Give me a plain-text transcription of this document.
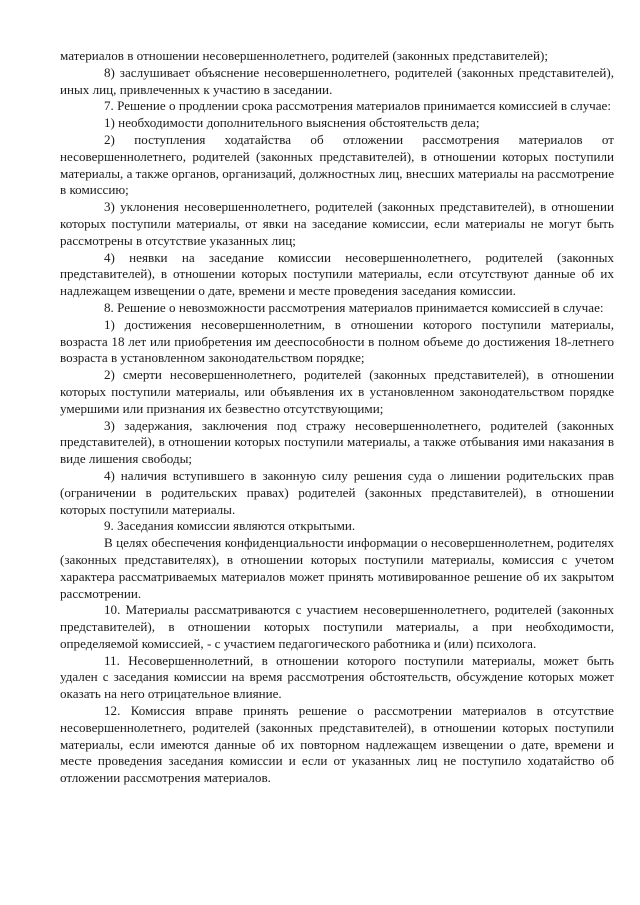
материалов в отношении несовершеннолетнего, родителей (законных представителей);

8) заслушивает объяснение несовершеннолетнего, родителей (законных представителей), иных лиц, привлеченных к участию в заседании.

7. Решение о продлении срока рассмотрения материалов принимается комиссией в случае:

1) необходимости дополнительного выяснения обстоятельств дела;

2) поступления ходатайства об отложении рассмотрения материалов от несовершеннолетнего, родителей (законных представителей), в отношении которых поступили материалы, а также органов, организаций, должностных лиц, внесших материалы на рассмотрение в комиссию;

3) уклонения несовершеннолетнего, родителей (законных представителей), в отношении которых поступили материалы, от явки на заседание комиссии, если материалы не могут быть рассмотрены в отсутствие указанных лиц;

4) неявки на заседание комиссии несовершеннолетнего, родителей (законных представителей), в отношении которых поступили материалы, если отсутствуют данные об их надлежащем извещении о дате, времени и месте проведения заседания комиссии.

8. Решение о невозможности рассмотрения материалов принимается комиссией в случае:

1) достижения несовершеннолетним, в отношении которого поступили материалы, возраста 18 лет или приобретения им дееспособности в полном объеме до достижения 18-летнего возраста в установленном законодательством порядке;

2) смерти несовершеннолетнего, родителей (законных представителей), в отношении которых поступили материалы, или объявления их в установленном законодательством порядке умершими или признания их безвестно отсутствующими;

3) задержания, заключения под стражу несовершеннолетнего, родителей (законных представителей), в отношении которых поступили материалы, а также отбывания ими наказания в виде лишения свободы;

4) наличия вступившего в законную силу решения суда о лишении родительских прав (ограничении в родительских правах) родителей (законных представителей), в отношении которых поступили материалы.

9. Заседания комиссии являются открытыми.

В целях обеспечения конфиденциальности информации о несовершеннолетнем, родителях (законных представителях), в отношении которых поступили материалы, комиссия с учетом характера рассматриваемых материалов может принять мотивированное решение об их закрытом рассмотрении.

10. Материалы рассматриваются с участием несовершеннолетнего, родителей (законных представителей), в отношении которых поступили материалы, а при необходимости, определяемой комиссией, - с участием педагогического работника и (или) психолога.

11. Несовершеннолетний, в отношении которого поступили материалы, может быть удален с заседания комиссии на время рассмотрения обстоятельств, обсуждение которых может оказать на него отрицательное влияние.

12. Комиссия вправе принять решение о рассмотрении материалов в отсутствие несовершеннолетнего, родителей (законных представителей), в отношении которых поступили материалы, если имеются данные об их повторном надлежащем извещении о дате, времени и месте проведения заседания комиссии и если от указанных лиц не поступило ходатайство об отложении рассмотрения материалов.
